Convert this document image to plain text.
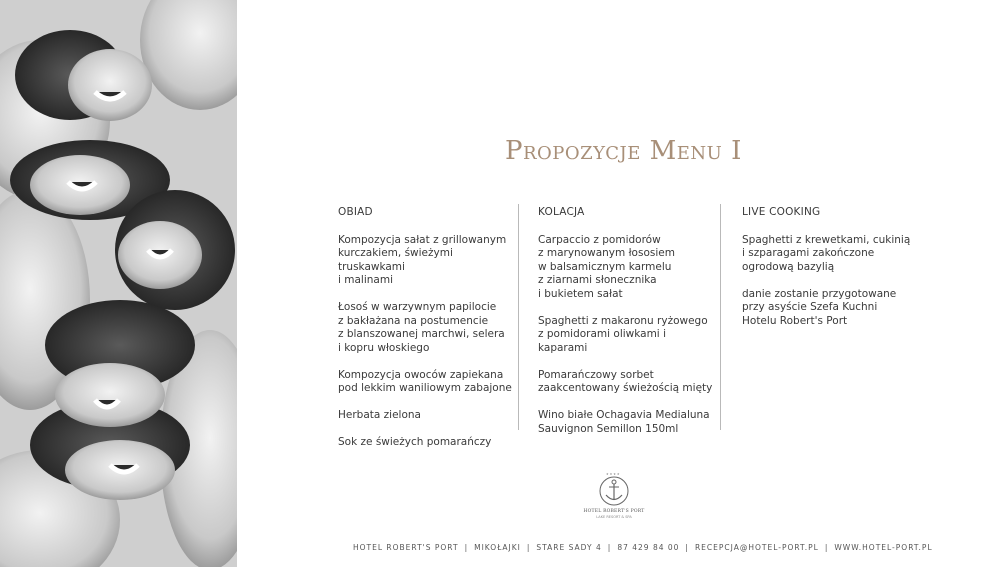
Propozycje Menu I
OBIAD
Kompozycja sałat z grillowanym
kurczakiem, świeżymi truskawkami
i malinami
Łosoś w warzywnym papilocie
z bakłażana na postumencie
z blanszowanej marchwi, selera
i kopru włoskiego
Kompozycja owoców zapiekana
pod lekkim waniliowym zabajone
Herbata zielona
Sok ze świeżych pomarańczy
KOLACJA
Carpaccio z pomidorów
z marynowanym łososiem
w balsamicznym karmelu
z ziarnami słonecznika
i bukietem sałat
Spaghetti z makaronu ryżowego
z pomidorami oliwkami i kaparami
Pomarańczowy sorbet
zaakcentowany świeżością mięty
Wino białe Ochagavia Medialuna
Sauvignon Semillon 150ml
LIVE COOKING
Spaghetti z krewetkami, cukinią
i szparagami zakończone
ogrodową bazylią
danie zostanie przygotowane
przy asyście Szefa Kuchni
Hotelu Robert's Port
★ ★ ★ ★
HOTEL ROBERT'S PORT
LAKE RESORT & SPA
HOTEL ROBERT'S PORT | MIKOŁAJKI | STARE SADY 4 | 87 429 84 00 | RECEPCJA@HOTEL-PORT.PL | WWW.HOTEL-PORT.PL
